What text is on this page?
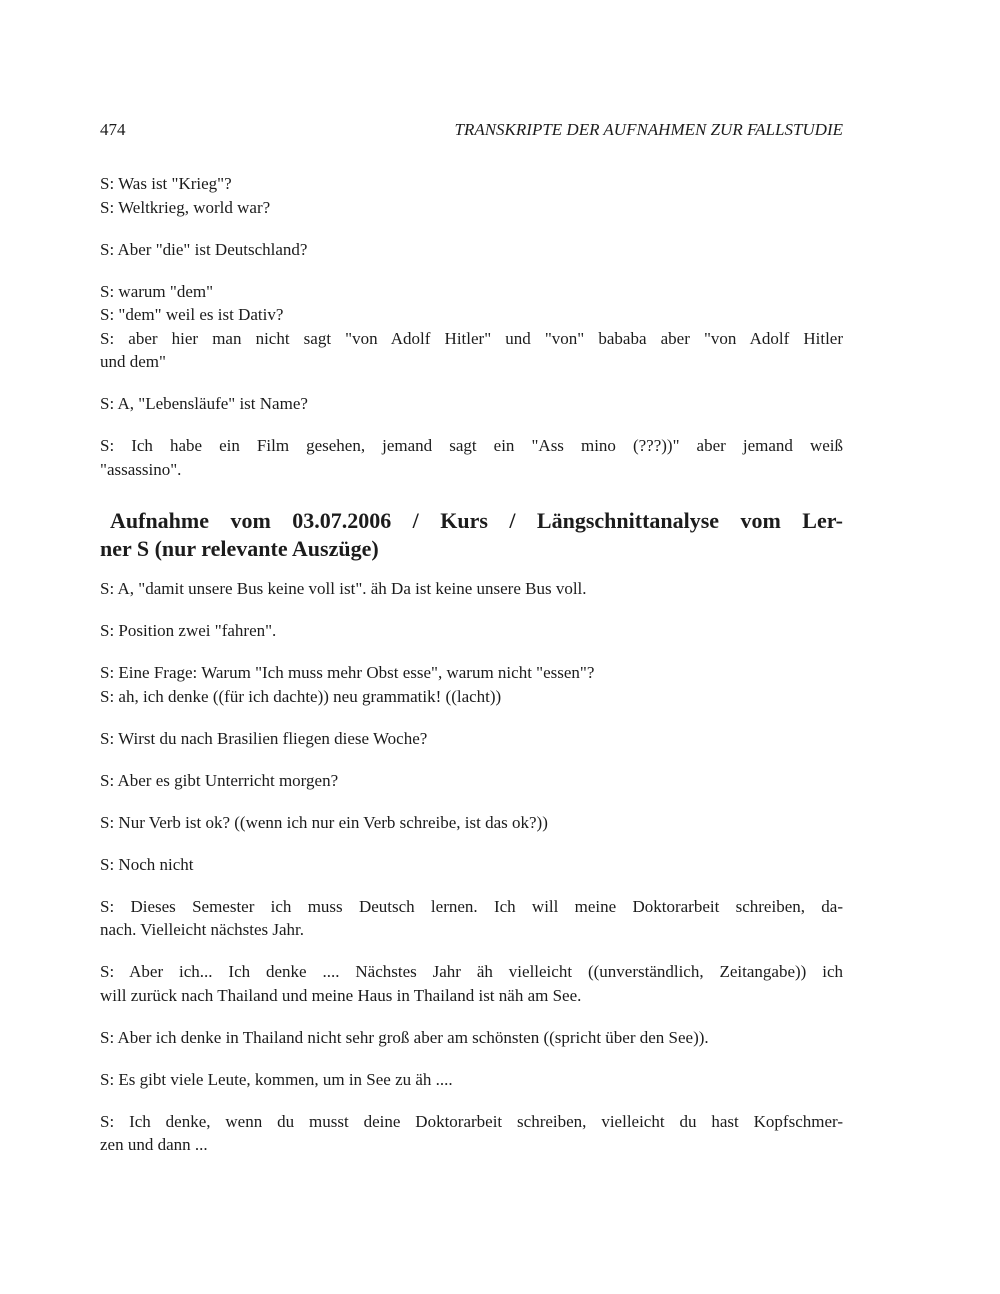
474	TRANSKRIPTE DER AUFNAHMEN ZUR FALLSTUDIE

S: Was ist "Krieg"?
S: Weltkrieg, world war?

S: Aber "die" ist Deutschland?

S: warum "dem"
S: "dem" weil es ist Dativ?
S: aber hier man nicht sagt "von Adolf Hitler" und "von" bababa aber "von Adolf Hitler
und dem"

S: A, "Lebensläufe" ist Name?

S: Ich habe ein Film gesehen, jemand sagt ein "Ass mino (???))" aber jemand weiß
"assassino".

Aufnahme vom 03.07.2006 / Kurs / Längschnittanalyse vom Ler-
ner S (nur relevante Auszüge)

S: A, "damit unsere Bus keine voll ist". äh Da ist keine unsere Bus voll.

S: Position zwei "fahren".

S: Eine Frage: Warum "Ich muss mehr Obst esse", warum nicht "essen"?
S: ah, ich denke ((für ich dachte)) neu grammatik! ((lacht))

S: Wirst du nach Brasilien fliegen diese Woche?

S: Aber es gibt Unterricht morgen?

S: Nur Verb ist ok? ((wenn ich nur ein Verb schreibe, ist das ok?))

S: Noch nicht

S: Dieses Semester ich muss Deutsch lernen. Ich will meine Doktorarbeit schreiben, da-
nach. Vielleicht nächstes Jahr.

S: Aber ich... Ich denke .... Nächstes Jahr äh vielleicht ((unverständlich, Zeitangabe)) ich
will zurück nach Thailand und meine Haus in Thailand ist näh am See.

S: Aber ich denke in Thailand nicht sehr groß aber am schönsten ((spricht über den See)).

S: Es gibt viele Leute, kommen, um in See zu äh ....

S: Ich denke, wenn du musst deine Doktorarbeit schreiben, vielleicht du hast Kopfschmer-
zen und dann ...
